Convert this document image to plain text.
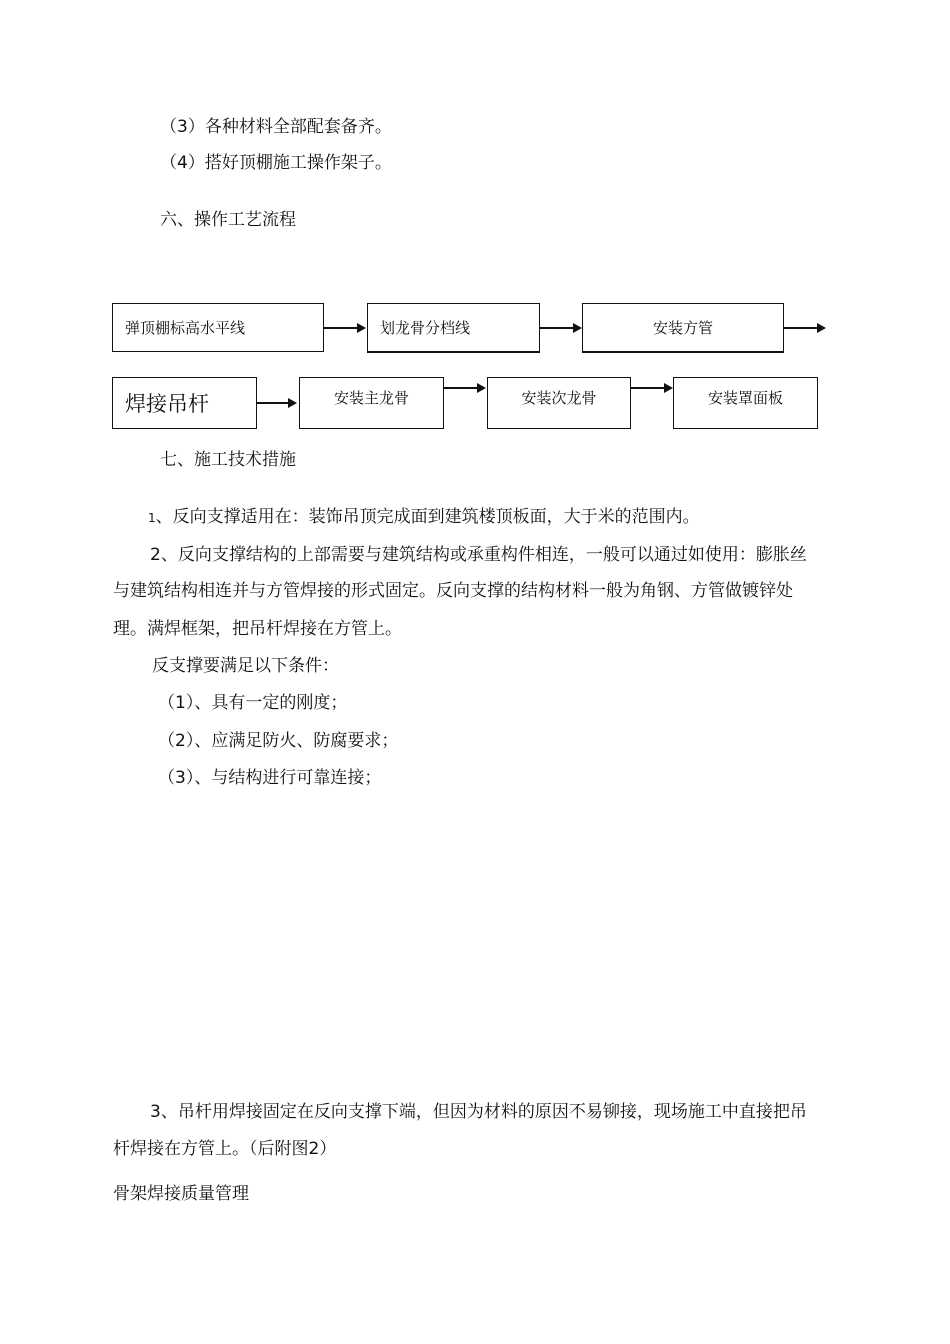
（3）各种材料全部配套备齐。
（4）搭好顶棚施工操作架子。
六、操作工艺流程
弹顶棚标高水平线	划龙骨分档线	安装方管
焊接吊杆	安装主龙骨	安装次龙骨	安装罩面板
七、施工技术措施
1、反向支撑适用在：装饰吊顶完成面到建筑楼顶板面，大于米的范围内。
2、反向支撑结构的上部需要与建筑结构或承重构件相连，一般可以通过如使用：膨胀丝
与建筑结构相连并与方管焊接的形式固定。反向支撑的结构材料一般为角钢、方管做镀锌处
理。满焊框架，把吊杆焊接在方管上。
反支撑要满足以下条件：
（1）、具有一定的刚度；
（2）、应满足防火、防腐要求；
（3）、与结构进行可靠连接；
3、吊杆用焊接固定在反向支撑下端，但因为材料的原因不易铆接，现场施工中直接把吊
杆焊接在方管上。（后附图2）
骨架焊接质量管理
